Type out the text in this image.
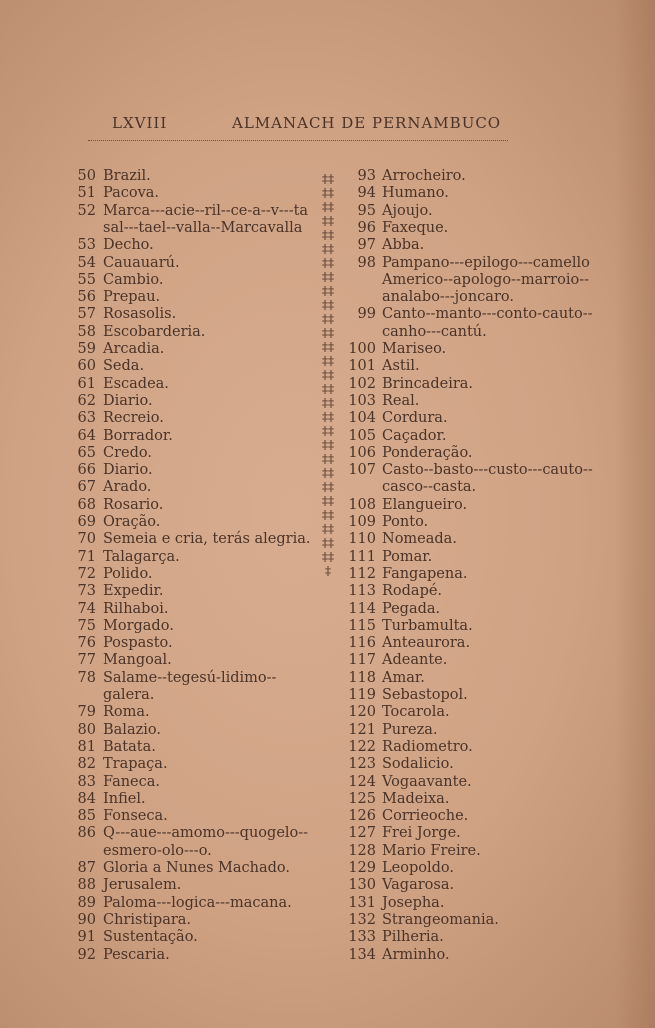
LXVIII	ALMANACH DE PERNAMBUCO
50 Brazil.
51 Pacova.
52 Marca---acie--ril--ce-a--v---ta
sal---tael--valla--Marcavalla
53 Decho.
54 Cauauarú.
55 Cambio.
56 Prepau.
57 Rosasolis.
58 Escobarderia.
59 Arcadia.
60 Seda.
61 Escadea.
62 Diario.
63 Recreio.
64 Borrador.
65 Credo.
66 Diario.
67 Arado.
68 Rosario.
69 Oração.
70 Semeia e cria, terás alegria.
71 Talagarça.
72 Polido.
73 Expedir.
74 Rilhaboi.
75 Morgado.
76 Pospasto.
77 Mangoal.
78 Salame--tegesú-lidimo--
galera.
79 Roma.
80 Balazio.
81 Batata.
82 Trapaça.
83 Faneca.
84 Infiel.
85 Fonseca.
86 Q---aue---amomo---quogelo--
esmero-olo---o.
87 Gloria a Nunes Machado.
88 Jerusalem.
89 Paloma---logica---macana.
90 Christipara.
91 Sustentação.
92 Pescaria.
‡‡‡‡‡‡‡‡‡‡‡‡‡‡‡‡‡‡‡‡‡‡‡‡‡‡‡‡‡‡‡‡‡‡‡‡‡‡‡‡‡‡‡‡‡‡‡‡‡‡‡‡‡‡‡‡‡
93 Arrocheiro.
94 Humano.
95 Ajoujo.
96 Faxeque.
97 Abba.
98 Pampano---epilogo---camello
Americo--apologo--marroio--
analabo---joncaro.
99 Canto--manto---conto-cauto--
canho---cantú.
100 Mariseo.
101 Astil.
102 Brincadeira.
103 Real.
104 Cordura.
105 Caçador.
106 Ponderação.
107 Casto--basto---custo---cauto--
casco--casta.
108 Elangueiro.
109 Ponto.
110 Nomeada.
111 Pomar.
112 Fangapena.
113 Rodapé.
114 Pegada.
115 Turbamulta.
116 Anteaurora.
117 Adeante.
118 Amar.
119 Sebastopol.
120 Tocarola.
121 Pureza.
122 Radiometro.
123 Sodalicio.
124 Vogaavante.
125 Madeixa.
126 Corrieoche.
127 Frei Jorge.
128 Mario Freire.
129 Leopoldo.
130 Vagarosa.
131 Josepha.
132 Strangeomania.
133 Pilheria.
134 Arminho.
